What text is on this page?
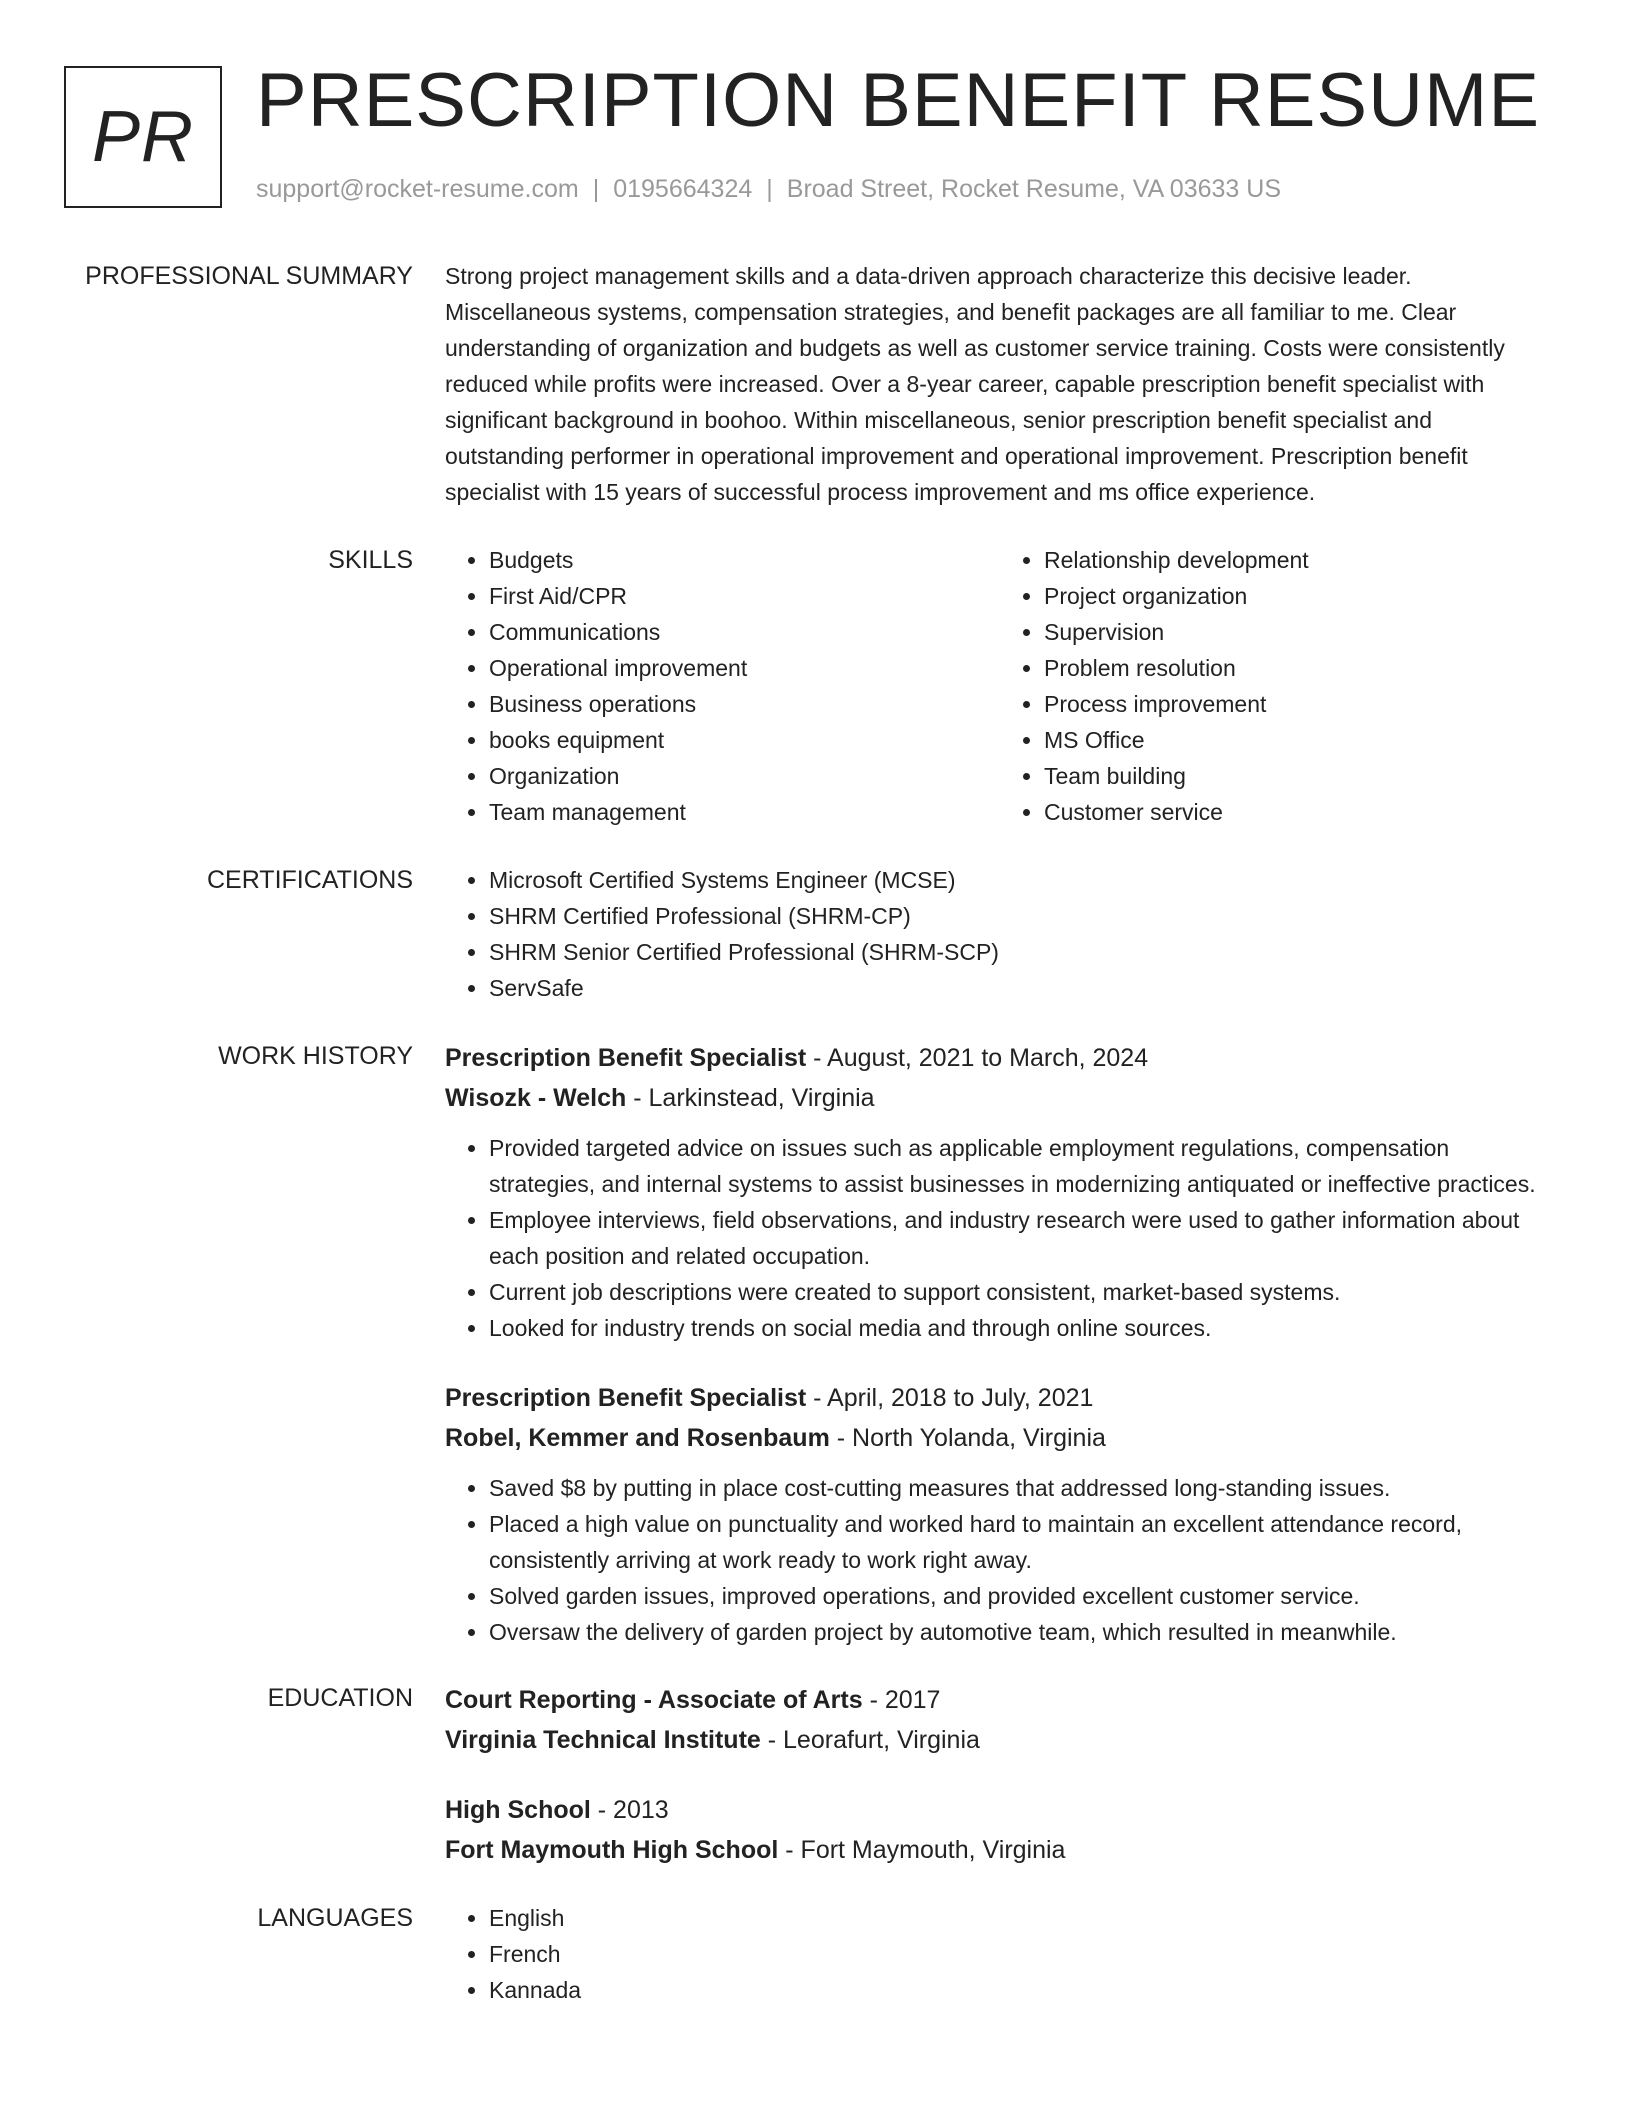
PR PRESCRIPTION BENEFIT RESUME
support@rocket-resume.com | 0195664324 | Broad Street, Rocket Resume, VA 03633 US
PROFESSIONAL SUMMARY Strong project management skills and a data-driven approach characterize this decisive leader. Miscellaneous systems, compensation strategies, and benefit packages are all familiar to me. Clear understanding of organization and budgets as well as customer service training. Costs were consistently reduced while profits were increased. Over a 8-year career, capable prescription benefit specialist with significant background in boohoo. Within miscellaneous, senior prescription benefit specialist and outstanding performer in operational improvement and operational improvement. Prescription benefit specialist with 15 years of successful process improvement and ms office experience.

SKILLS	• Budgets
• First Aid/CPR
• Communications
• Operational improvement
• Business operations
• books equipment
• Organization
• Team management
• Relationship development
• Project organization
• Supervision
• Problem resolution
• Process improvement
• MS Office
• Team building
• Customer service
CERTIFICATIONS	• Microsoft Certified Systems Engineer (MCSE)
• SHRM Certified Professional (SHRM-CP)
• SHRM Senior Certified Professional (SHRM-SCP)
• ServSafe
WORK HISTORY Prescription Benefit Specialist - August, 2021 to March, 2024
Wisozk - Welch - Larkinstead, Virginia
• Provided targeted advice on issues such as applicable employment regulations, compensation strategies, and internal systems to assist businesses in modernizing antiquated or ineffective practices.
• Employee interviews, field observations, and industry research were used to gather information about each position and related occupation.
• Current job descriptions were created to support consistent, market-based systems.
• Looked for industry trends on social media and through online sources.
Prescription Benefit Specialist - April, 2018 to July, 2021
Robel, Kemmer and Rosenbaum - North Yolanda, Virginia
• Saved $8 by putting in place cost-cutting measures that addressed long-standing issues.
• Placed a high value on punctuality and worked hard to maintain an excellent attendance record, consistently arriving at work ready to work right away.
• Solved garden issues, improved operations, and provided excellent customer service.
• Oversaw the delivery of garden project by automotive team, which resulted in meanwhile.
EDUCATION Court Reporting - Associate of Arts - 2017
Virginia Technical Institute - Leorafurt, Virginia
High School - 2013
Fort Maymouth High School - Fort Maymouth, Virginia
LANGUAGES	• English
• French
• Kannada
